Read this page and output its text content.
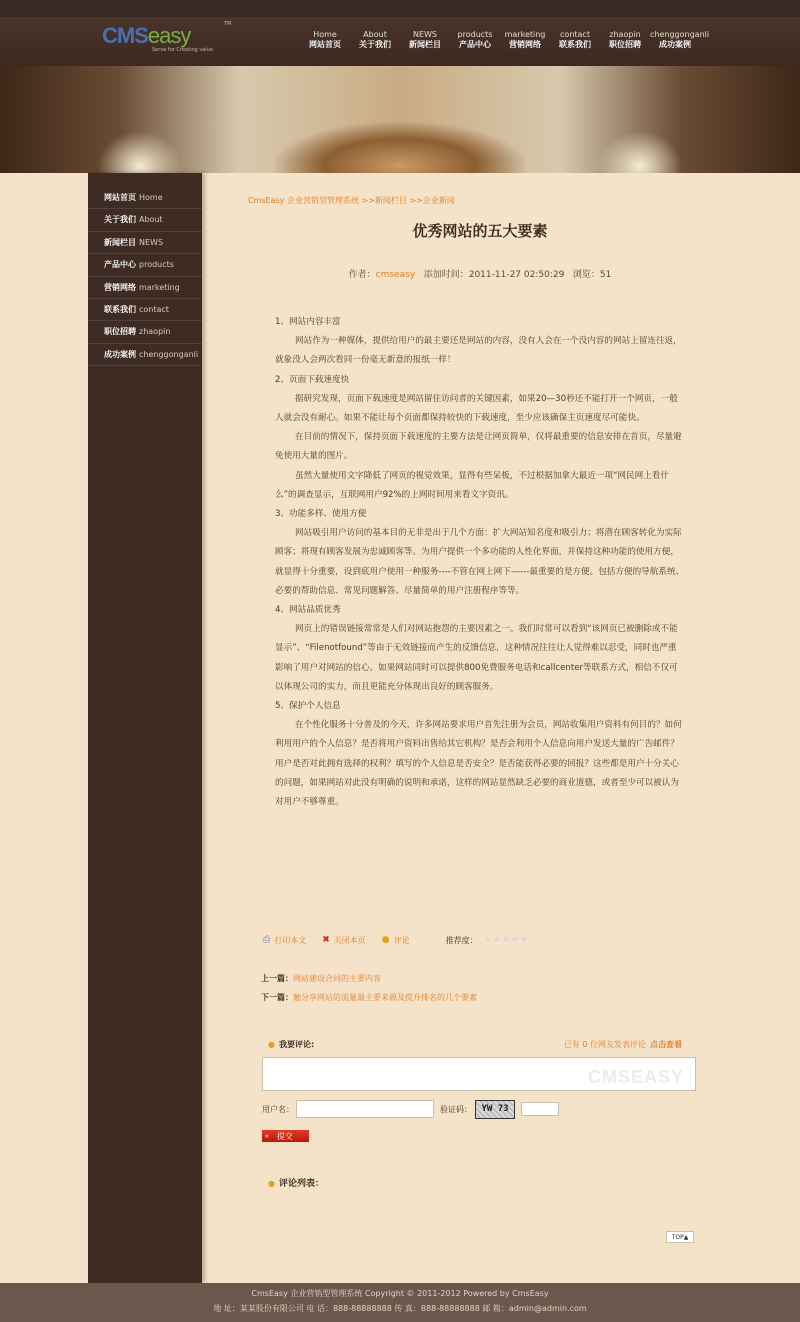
CMSeasy	TM
Serve for Creating value
Home
网站首页
About
关于我们
NEWS
新闻栏目
products
产品中心
marketing
营销网络
contact
联系我们
zhaopin
职位招聘
chenggonganli
成功案例
网站首页 Home
关于我们 About
新闻栏目 NEWS
产品中心 products
营销网络 marketing
联系我们 contact
职位招聘 zhaopin
成功案例 chenggonganli
CmsEasy 企业营销型管理系统 >>新闻栏目 >>企业新闻
优秀网站的五大要素
作者：cmseasy 添加时间：2011-11-27 02:50:29 浏览：51

1、网站内容丰富

网站作为一种媒体，提供给用户的最主要还是网站的内容，没有人会在一个没内容的网站上留连往返，就象没人会两次看同一份毫无新意的报纸一样！

2、页面下载速度快

据研究发现，页面下载速度是网站留住访问者的关键因素，如果20—30秒还不能打开一个网页，一般人就会没有耐心。如果不能让每个页面都保持较快的下载速度，至少应该确保主页速度尽可能快。

在目前的情况下，保持页面下载速度的主要方法是让网页简单，仅将最重要的信息安排在首页，尽量避免使用大量的图片。

虽然大量使用文字降低了网页的视觉效果，显得有些呆板，不过根据加拿大最近一项“网民网上看什么”的调查显示，互联网用户92%的上网时间用来看文字资讯。

3、功能多样、使用方便

网站吸引用户访问的基本目的无非是出于几个方面：扩大网站知名度和吸引力；将潜在顾客转化为实际顾客；将现有顾客发展为忠诚顾客等。为用户提供一个多功能的人性化界面，并保持这种功能的使用方便，就显得十分重要，设到底用户使用一种服务----不管在网上网下------最重要的是方便。包括方便的导航系统、必要的帮助信息、常见问题解答、尽量简单的用户注册程序等等。

4、网站品质优秀

网页上的错误链接常常是人们对网站抱怨的主要因素之一。我们时常可以看到“该网页已被删除或不能显示”、“Filenotfound”等由于无效链接而产生的反馈信息，这种情况往往让人觉得难以忍受，同时也严重影响了用户对网站的信心。如果网站同时可以提供800免费服务电话和callcenter等联系方式，相信不仅可以体现公司的实力，而且更能充分体现出良好的顾客服务。

5、保护个人信息

在个性化服务十分普及的今天，许多网站要求用户首先注册为会员，网站收集用户资料有何目的？如何利用用户的个人信息？是否将用户资料出售给其它机构？是否会利用个人信息向用户发送大量的广告邮件？用户是否对此拥有选择的权利？填写的个人信息是否安全？是否能获得必要的回报？这些都是用户十分关心的问题，如果网站对此没有明确的说明和承诺，这样的网站显然缺乏必要的商业道德，或者至少可以被认为对用户不够尊重。

⎙ 打印本文 ✖ 关闭本页 ● 评论	推荐度： ★★★★★
上一篇：网站建设合同的主要内容
下一篇：触分享网站的流量最主要来源及提升排名的几个要素
● 我要评论:	已有 0 位网友发表评论 点击查看
CMSEASY
用户名：	验证码：	YW 73
« 提交
● 评论列表：
TOP▲
CmsEasy 企业营销型管理系统 Copyright © 2011-2012 Powered by CmsEasy
地 址：某某股份有限公司 电 话：888-88888888 传 真：888-88888888 邮 箱：admin@admin.com
